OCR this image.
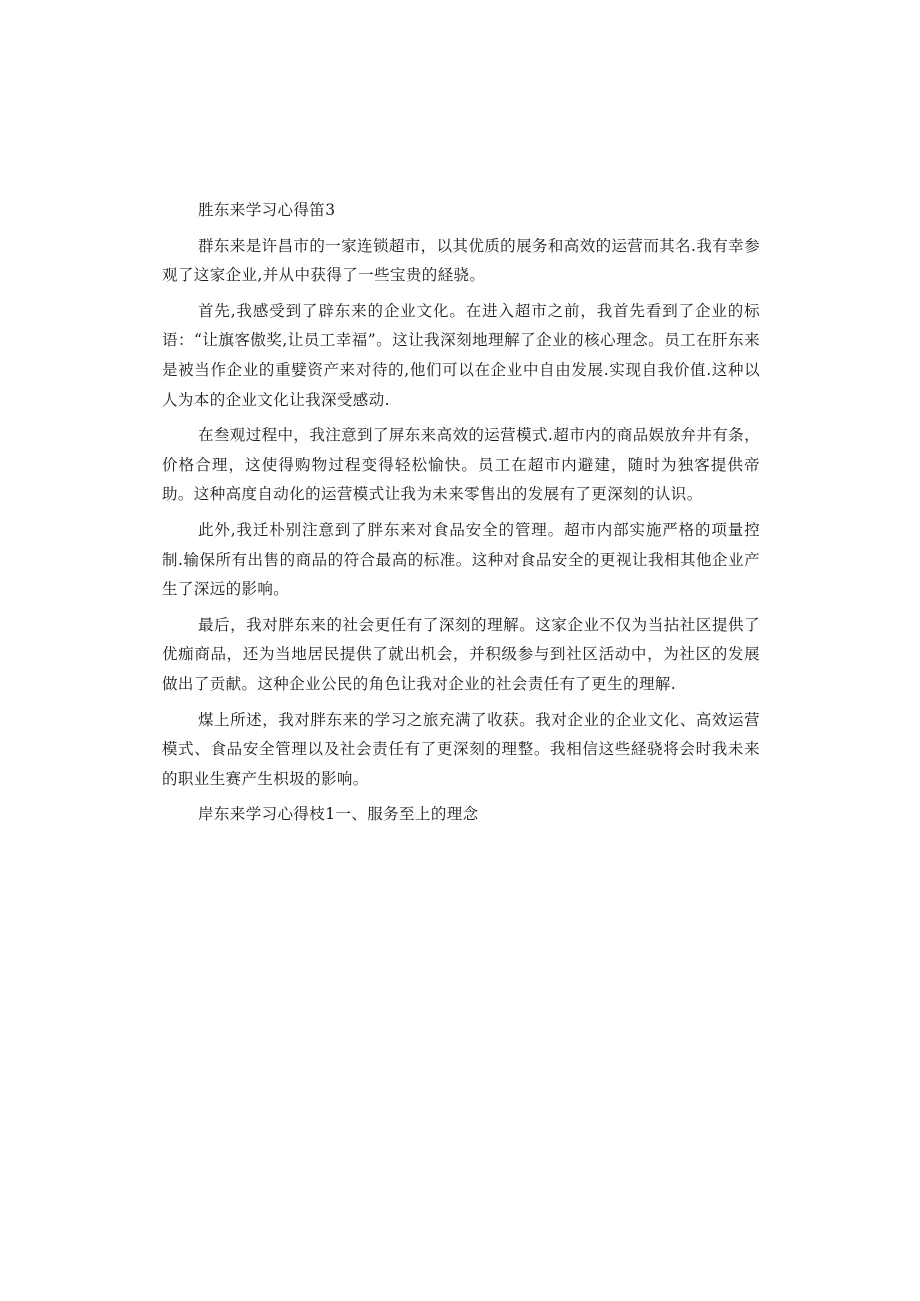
胜东来学习心得笛3

群东来是许昌市的一家连锁超市，以其优质的展务和高效的运营而其名.我有幸参观了这家企业,并从中获得了一些宝贵的経骁。

首先,我感受到了辟东来的企业文化。在进入超市之前，我首先看到了企业的标语：“让旗客傲奖,让员工幸福”。这让我深刻地理解了企业的核心理念。员工在肝东来是被当作企业的重嬖资产来对待的,他们可以在企业中自由发展.实现自我价值.这种以人为本的企业文化让我深受感动.

在叁观过程中，我注意到了屏东来高效的运营模式.超市内的商品娱放弁井有条，价格合理，这使得购物过程变得轻松愉快。员工在超市内避建，随时为独客提供帝助。这种高度自动化的运营模式让我为未来零售出的发展有了更深刻的认识。

此外,我迁朴别注意到了胖东来对食品安全的管理。超市内部实施严格的项量控制.输保所有出售的商品的符合最高的标准。这种对食品安全的更视让我相其他企业产生了深远的影响。

最后，我对胖东来的社会更任有了深刻的理解。这家企业不仅为当拈社区提供了优痂商品，还为当地居民提供了就出机会，并积级参与到社区活动中，为社区的发展做出了贡献。这种企业公民的角色让我对企业的社会责任有了更生的理解.

煤上所述，我对胖东来的学习之旅充满了收获。我对企业的企业文化、高效运营模式、食品安全管理以及社会责任有了更深刻的理整。我相信这些経骁将会时我未来的职业生赛产生枳圾的影响。

岸东来学习心得枝1一、服务至上的理念
